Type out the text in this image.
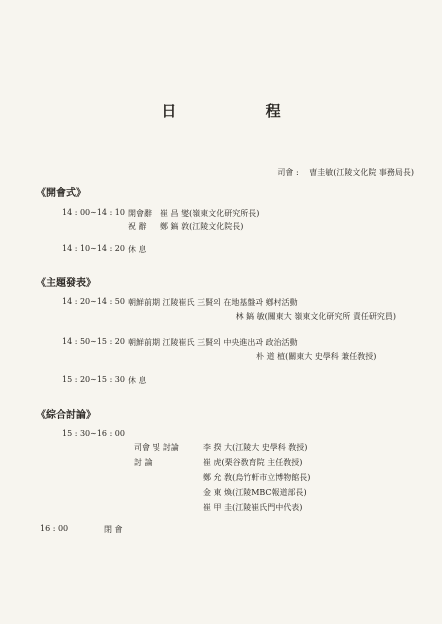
日 程
司會 : 曺圭敏(江陵文化院 事務局長)
《開會式》
14 : 00∼14 : 10 開會辭 崔 昌 燮(嶺東文化研究所長)
祝 辭 鄭 鎬 敦(江陵文化院長)
14 : 10∼14 : 20 休 息
《主題發表》
14 : 20∼14 : 50 朝鮮前期 江陵崔氏 三賢의 在地基盤과 鄕村活動
林 鎬 敏(關東大 嶺東文化研究所 責任研究員)
14 : 50∼15 : 20 朝鮮前期 江陵崔氏 三賢의 中央進出과 政治活動
朴 道 植(關東大 史學科 兼任敎授)
15 : 20∼15 : 30 休 息
《綜合討論》
15 : 30∼16 : 00
司會 및 討論	李 揆 大(江陵大 史學科 敎授)
討 論	崔 虎(栗谷敎育院 主任敎授)
鄭 允 敎(烏竹軒市立博物館長)
金 東 煥(江陵MBC報道部長)
崔 甲 圭(江陵崔氏門中代表)
16 : 00	閉 會
